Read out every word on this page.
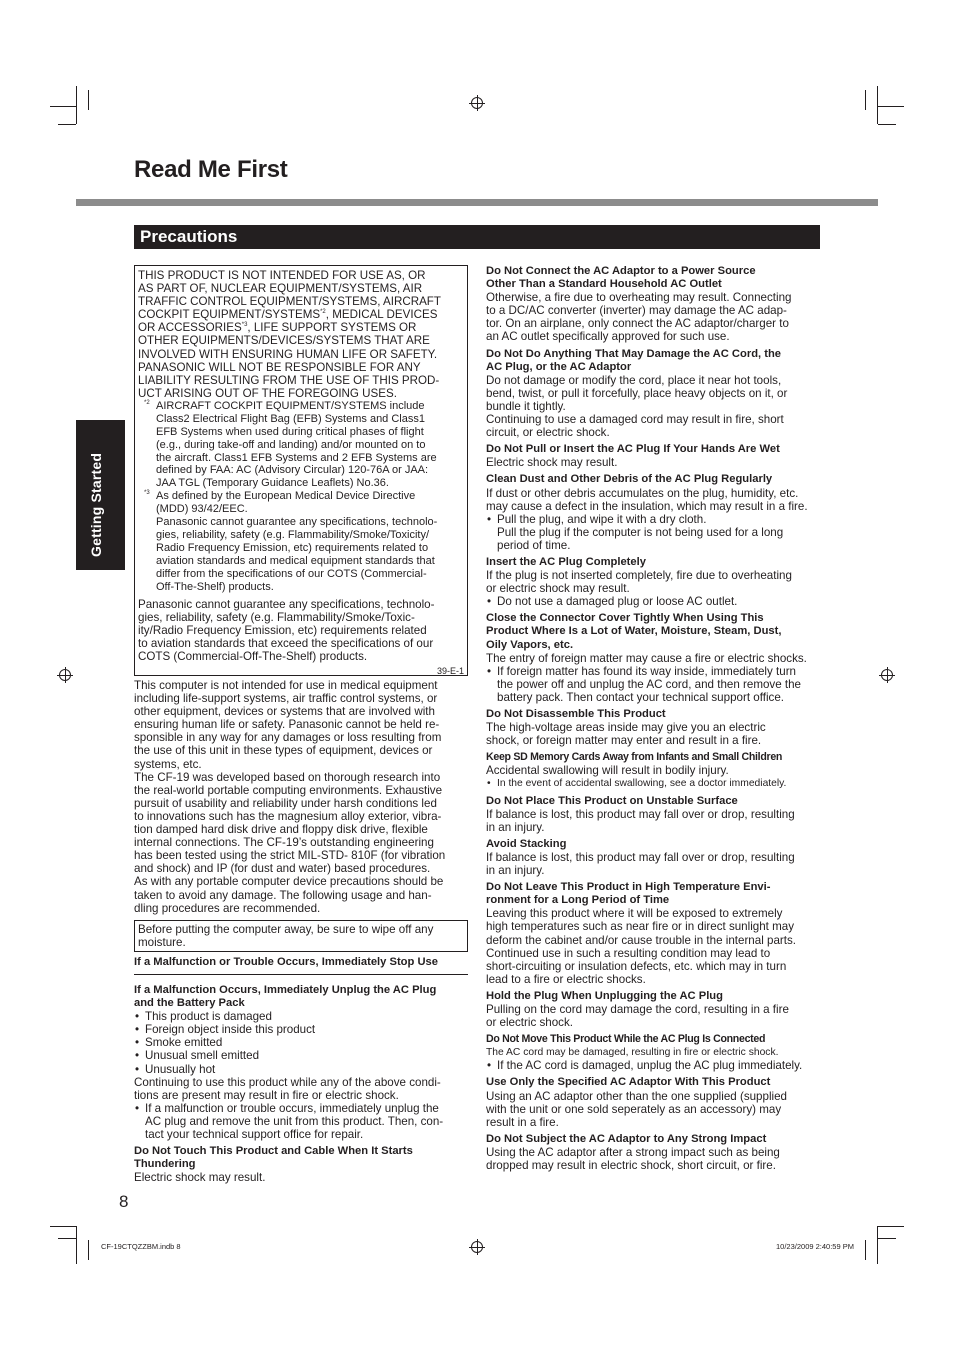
Read Me First
Precautions
Getting Started

THIS PRODUCT IS NOT INTENDED FOR USE AS, OR

AS PART OF, NUCLEAR EQUIPMENT/SYSTEMS, AIR

TRAFFIC CONTROL EQUIPMENT/SYSTEMS, AIRCRAFT

COCKPIT EQUIPMENT/SYSTEMS$^{*2}$, MEDICAL DEVICES

OR ACCESSORIES$^{*3}$, LIFE SUPPORT SYSTEMS OR

OTHER EQUIPMENTS/DEVICES/SYSTEMS THAT ARE

INVOLVED WITH ENSURING HUMAN LIFE OR SAFETY.

PANASONIC WILL NOT BE RESPONSIBLE FOR ANY

LIABILITY RESULTING FROM THE USE OF THIS PROD-

UCT ARISING OUT OF THE FOREGOING USES.

*2 AIRCRAFT COCKPIT EQUIPMENT/SYSTEMS include
Class2 Electrical Flight Bag (EFB) Systems and Class1
EFB Systems when used during critical phases of flight
(e.g., during take-off and landing) and/or mounted on to
the aircraft. Class1 EFB Systems and 2 EFB Systems are
defined by FAA: AC (Advisory Circular) 120-76A or JAA:
JAA TGL (Temporary Guidance Leaflets) No.36.
*3 As defined by the European Medical Device Directive
(MDD) 93/42/EEC.
Panasonic cannot guarantee any specifications, technolo-
gies, reliability, safety (e.g. Flammability/Smoke/Toxicity/
Radio Frequency Emission, etc) requirements related to
aviation standards and medical equipment standards that
differ from the specifications of our COTS (Commercial-
Off-The-Shelf) products.

Panasonic cannot guarantee any specifications, technolo-

gies, reliability, safety (e.g. Flammability/Smoke/Toxic-

ity/Radio Frequency Emission, etc) requirements related

to aviation standards that exceed the specifications of our

COTS (Commercial-Off-The-Shelf) products.

39-E-1

This computer is not intended for use in medical equipment

including life-support systems, air traffic control systems, or

other equipment, devices or systems that are involved with

ensuring human life or safety. Panasonic cannot be held re-

sponsible in any way for any damages or loss resulting from

the use of this unit in these types of equipment, devices or

systems, etc.

The CF-19 was developed based on thorough research into

the real-world portable computing environments. Exhaustive

pursuit of usability and reliability under harsh conditions led

to innovations such has the magnesium alloy exterior, vibra-

tion damped hard disk drive and floppy disk drive, flexible

internal connections. The CF-19’s outstanding engineering

has been tested using the strict MIL-STD- 810F (for vibration

and shock) and IP (for dust and water) based procedures.

As with any portable computer device precautions should be

taken to avoid any damage. The following usage and han-

dling procedures are recommended.

Before putting the computer away, be sure to wipe off any

moisture.

If a Malfunction or Trouble Occurs, Immediately Stop Use

If a Malfunction Occurs, Immediately Unplug the AC Plug

and the Battery Pack

• This product is damaged

• Foreign object inside this product

• Smoke emitted

• Unusual smell emitted

• Unusually hot

Continuing to use this product while any of the above condi-

tions are present may result in fire or electric shock.

• If a malfunction or trouble occurs, immediately unplug the

AC plug and remove the unit from this product. Then, con-

tact your technical support office for repair.

Do Not Touch This Product and Cable When It Starts

Thundering

Electric shock may result.

Do Not Connect the AC Adaptor to a Power Source

Other Than a Standard Household AC Outlet

Otherwise, a fire due to overheating may result. Connecting

to a DC/AC converter (inverter) may damage the AC adap-

tor. On an airplane, only connect the AC adaptor/charger to

an AC outlet specifically approved for such use.

Do Not Do Anything That May Damage the AC Cord, the

AC Plug, or the AC Adaptor

Do not damage or modify the cord, place it near hot tools,

bend, twist, or pull it forcefully, place heavy objects on it, or

bundle it tightly.

Continuing to use a damaged cord may result in fire, short

circuit, or electric shock.

Do Not Pull or Insert the AC Plug If Your Hands Are Wet

Electric shock may result.

Clean Dust and Other Debris of the AC Plug Regularly

If dust or other debris accumulates on the plug, humidity, etc.

may cause a defect in the insulation, which may result in a fire.

• Pull the plug, and wipe it with a dry cloth.

Pull the plug if the computer is not being used for a long

period of time.

Insert the AC Plug Completely

If the plug is not inserted completely, fire due to overheating

or electric shock may result.

• Do not use a damaged plug or loose AC outlet.

Close the Connector Cover Tightly When Using This

Product Where Is a Lot of Water, Moisture, Steam, Dust,

Oily Vapors, etc.

The entry of foreign matter may cause a fire or electric shocks.

• If foreign matter has found its way inside, immediately turn

the power off and unplug the AC cord, and then remove the

battery pack. Then contact your technical support office.

Do Not Disassemble This Product

The high-voltage areas inside may give you an electric

shock, or foreign matter may enter and result in a fire.

Keep SD Memory Cards Away from Infants and Small Children

Accidental swallowing will result in bodily injury.

• In the event of accidental swallowing, see a doctor immediately.

Do Not Place This Product on Unstable Surface

If balance is lost, this product may fall over or drop, resulting

in an injury.

Avoid Stacking

If balance is lost, this product may fall over or drop, resulting

in an injury.

Do Not Leave This Product in High Temperature Envi-

ronment for a Long Period of Time

Leaving this product where it will be exposed to extremely

high temperatures such as near fire or in direct sunlight may

deform the cabinet and/or cause trouble in the internal parts.

Continued use in such a resulting condition may lead to

short-circuiting or insulation defects, etc. which may in turn

lead to a fire or electric shocks.

Hold the Plug When Unplugging the AC Plug

Pulling on the cord may damage the cord, resulting in a fire

or electric shock.

Do Not Move This Product While the AC Plug Is Connected

The AC cord may be damaged, resulting in fire or electric shock.

• If the AC cord is damaged, unplug the AC plug immediately.

Use Only the Specified AC Adaptor With This Product

Using an AC adaptor other than the one supplied (supplied

with the unit or one sold seperately as an accessory) may

result in a fire.

Do Not Subject the AC Adaptor to Any Strong Impact

Using the AC adaptor after a strong impact such as being

dropped may result in electric shock, short circuit, or fire.

8
CF-19CTQZZBM.indb 8	10/23/2009 2:40:59 PM
